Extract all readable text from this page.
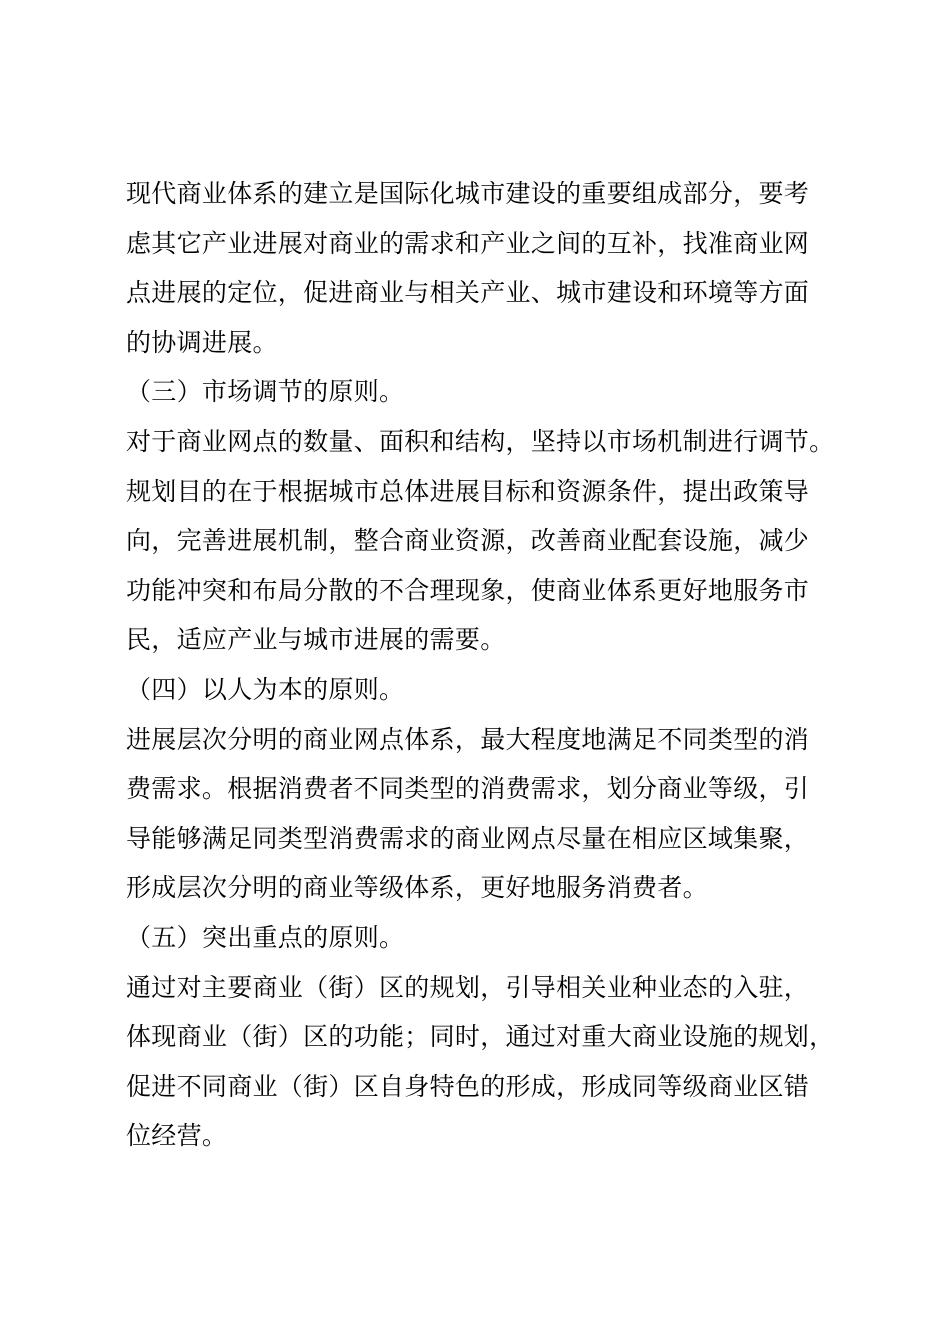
现代商业体系的建立是国际化城市建设的重要组成部分，要考
虑其它产业进展对商业的需求和产业之间的互补，找准商业网
点进展的定位，促进商业与相关产业、城市建设和环境等方面
的协调进展。
（三）市场调节的原则。
对于商业网点的数量、面积和结构，坚持以市场机制进行调节。
规划目的在于根据城市总体进展目标和资源条件，提出政策导
向，完善进展机制，整合商业资源，改善商业配套设施，减少
功能冲突和布局分散的不合理现象，使商业体系更好地服务市
民，适应产业与城市进展的需要。
（四）以人为本的原则。
进展层次分明的商业网点体系，最大程度地满足不同类型的消
费需求。根据消费者不同类型的消费需求，划分商业等级，引
导能够满足同类型消费需求的商业网点尽量在相应区域集聚，
形成层次分明的商业等级体系，更好地服务消费者。
（五）突出重点的原则。
通过对主要商业（街）区的规划，引导相关业种业态的入驻，
体现商业（街）区的功能；同时，通过对重大商业设施的规划，
促进不同商业（街）区自身特色的形成，形成同等级商业区错
位经营。
